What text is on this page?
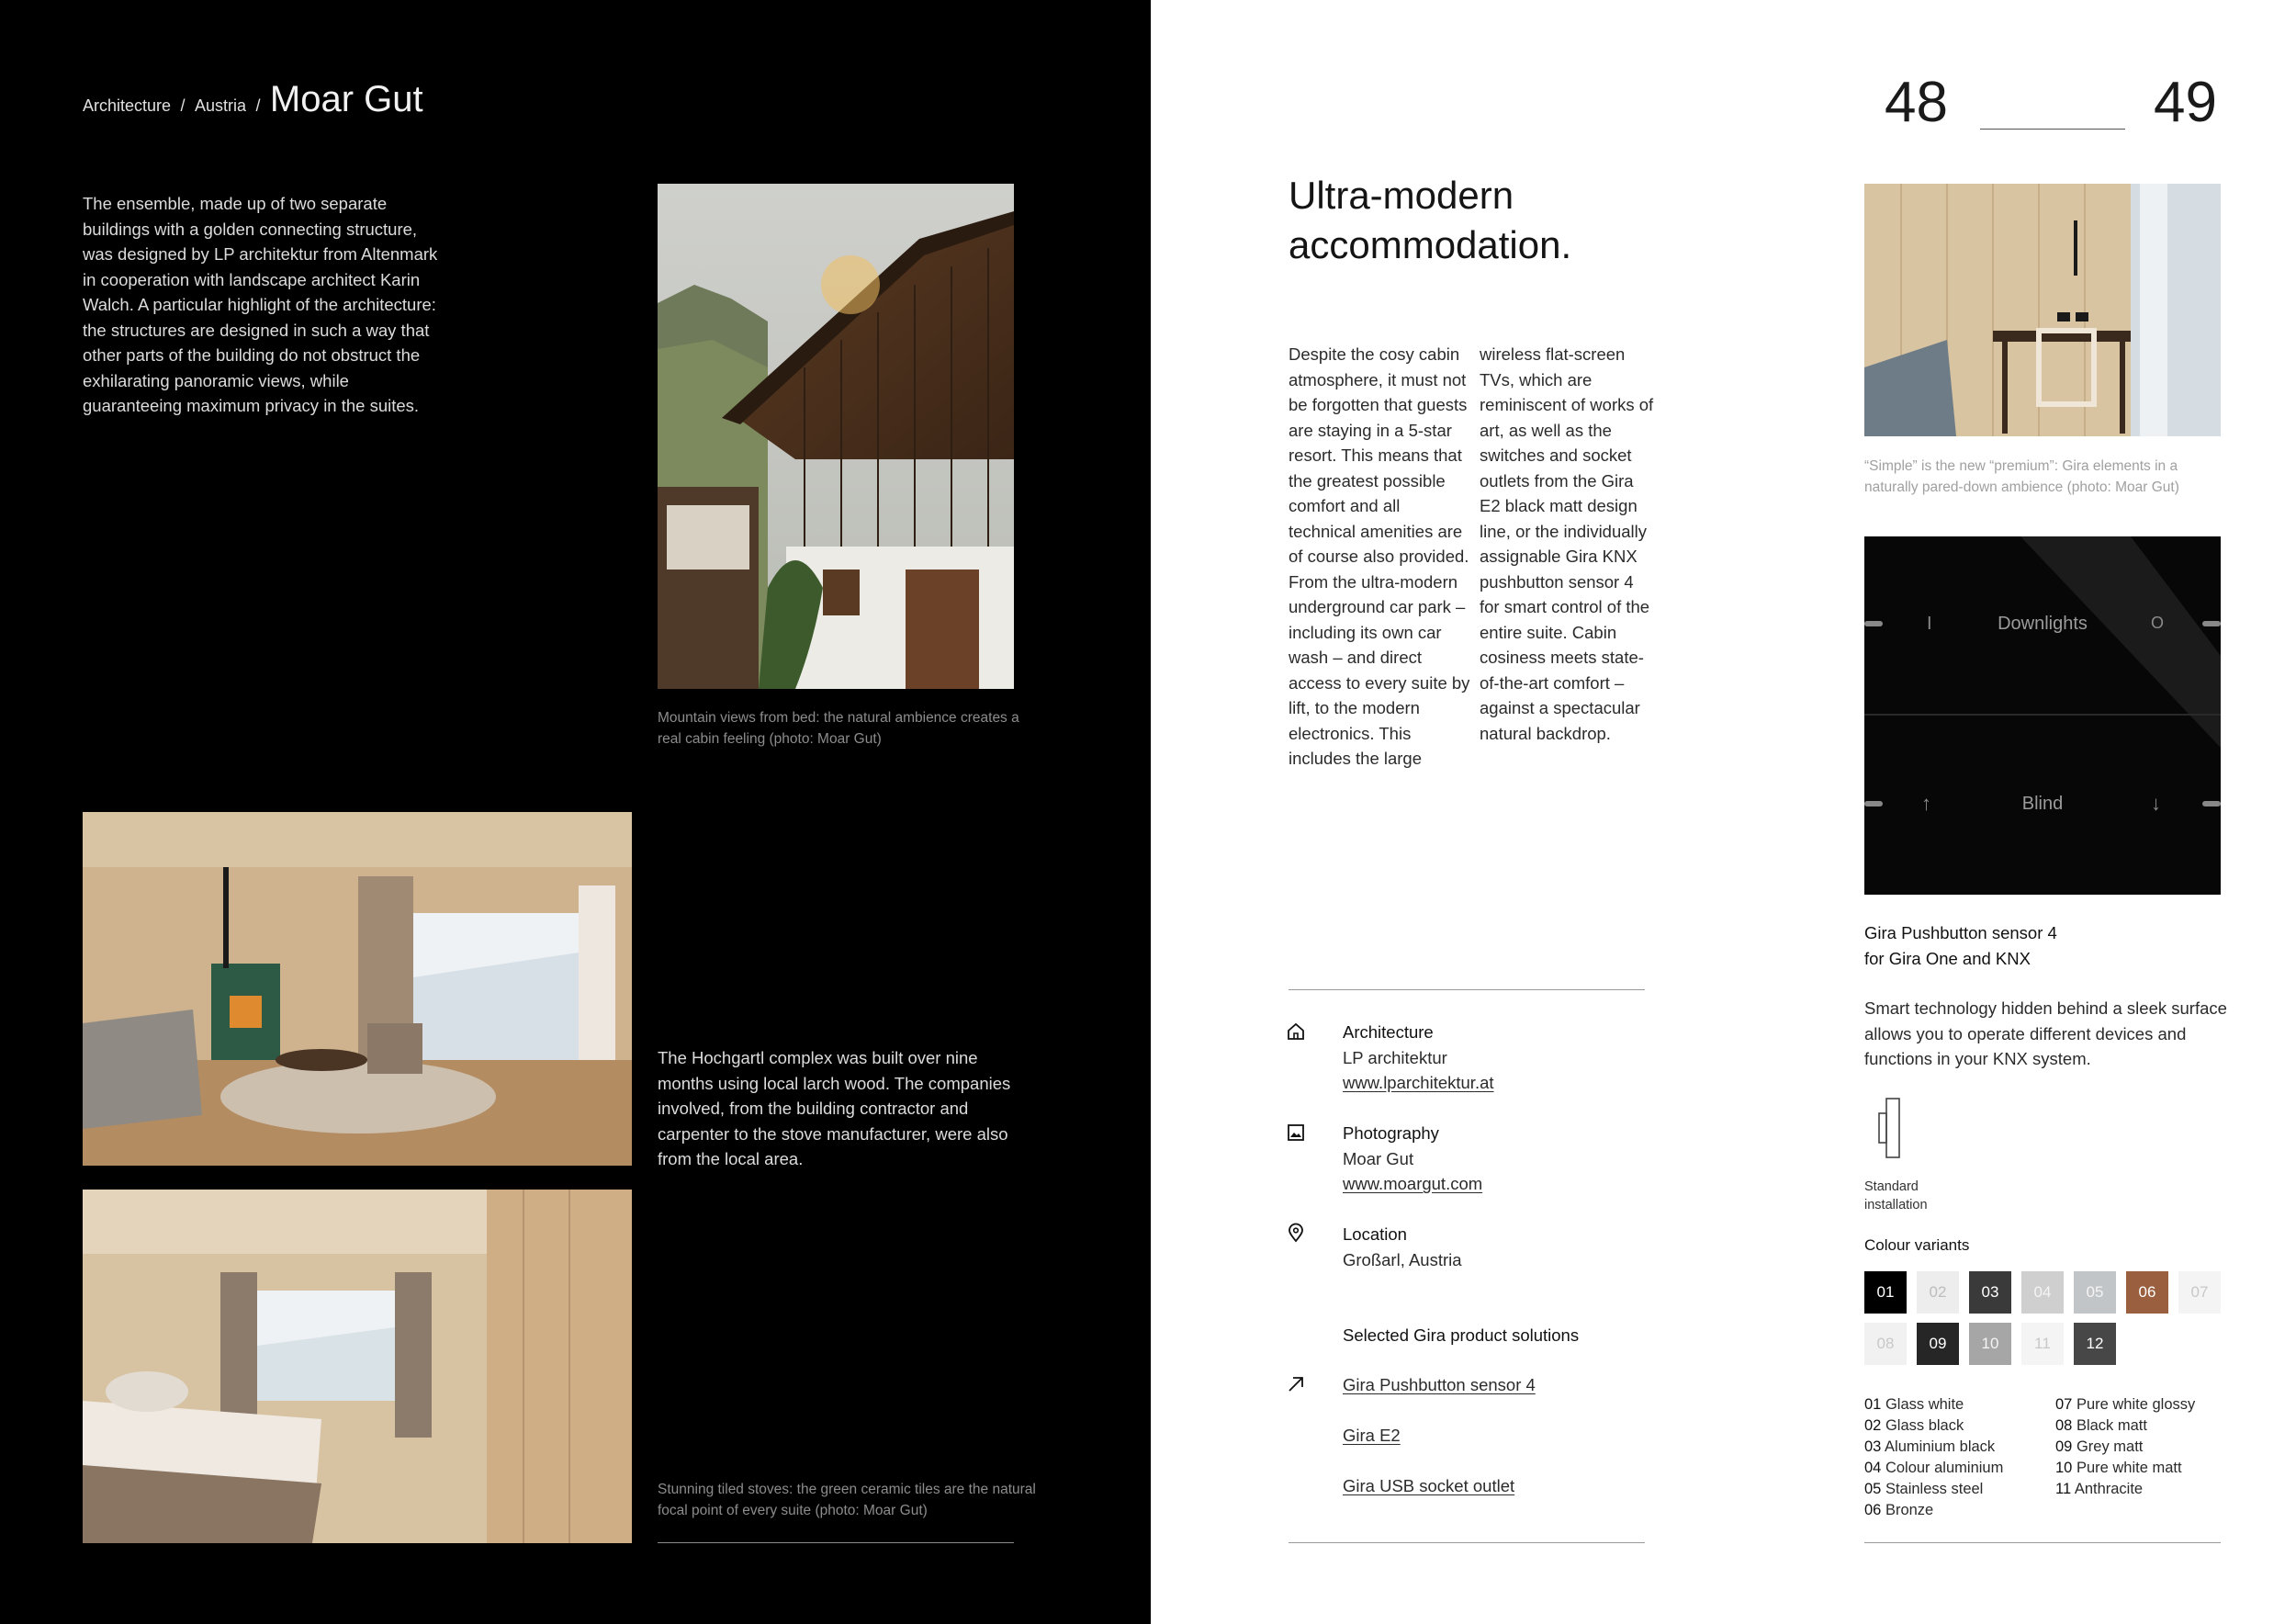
Architecture / Austria / Moar Gut

The ensemble, made up of two separate buildings with a golden connecting structure, was designed by LP architektur from Altenmark in cooperation with landscape architect Karin Walch. A particular highlight of the architecture: the structures are designed in such a way that other parts of the building do not obstruct the exhilarating panoramic views, while guaranteeing maximum privacy in the suites.

Mountain views from bed: the natural ambience creates a real cabin feeling (photo: Moar Gut)

The Hochgartl complex was built over nine months using local larch wood. The companies involved, from the building contractor and carpenter to the stove manufacturer, were also from the local area.

Stunning tiled stoves: the green ceramic tiles are the natural focal point of every suite (photo: Moar Gut)

48	49
Ultra-modern
accommodation.

Despite the cosy cabin atmosphere, it must not be forgotten that guests are staying in a 5-star resort. This means that the greatest possible comfort and all technical amenities are of course also provided. From the ultra-modern underground car park – including its own car wash – and direct access to every suite by lift, to the modern electronics. This includes the large

wireless flat-screen TVs, which are reminiscent of works of art, as well as the switches and socket outlets from the Gira E2 black matt design line, or the individually assignable Gira KNX pushbutton sensor 4 for smart control of the entire suite. Cabin cosiness meets state-of-the-art comfort – against a spectacular natural backdrop.

Architecture
LP architektur
www.lparchitektur.at
Photography
Moar Gut
www.moargut.com
Location
Großarl, Austria
Selected Gira product solutions
Gira Pushbutton sensor 4
Gira E2
Gira USB socket outlet

“Simple” is the new “premium”: Gira elements in a naturally pared-down ambience (photo: Moar Gut)

Downlights
I	O
Blind
↑	↓
Gira Pushbutton sensor 4
for Gira One and KNX

Smart technology hidden behind a sleek surface allows you to operate different devices and functions in your KNX system.

Standard
installation
Colour variants
01	02	03	04	05	06	07
08	09	10	11	12
01 Glass white
02 Glass black
03 Aluminium black
04 Colour aluminium
05 Stainless steel
06 Bronze
07 Pure white glossy
08 Black matt
09 Grey matt
10 Pure white matt
11 Anthracite
